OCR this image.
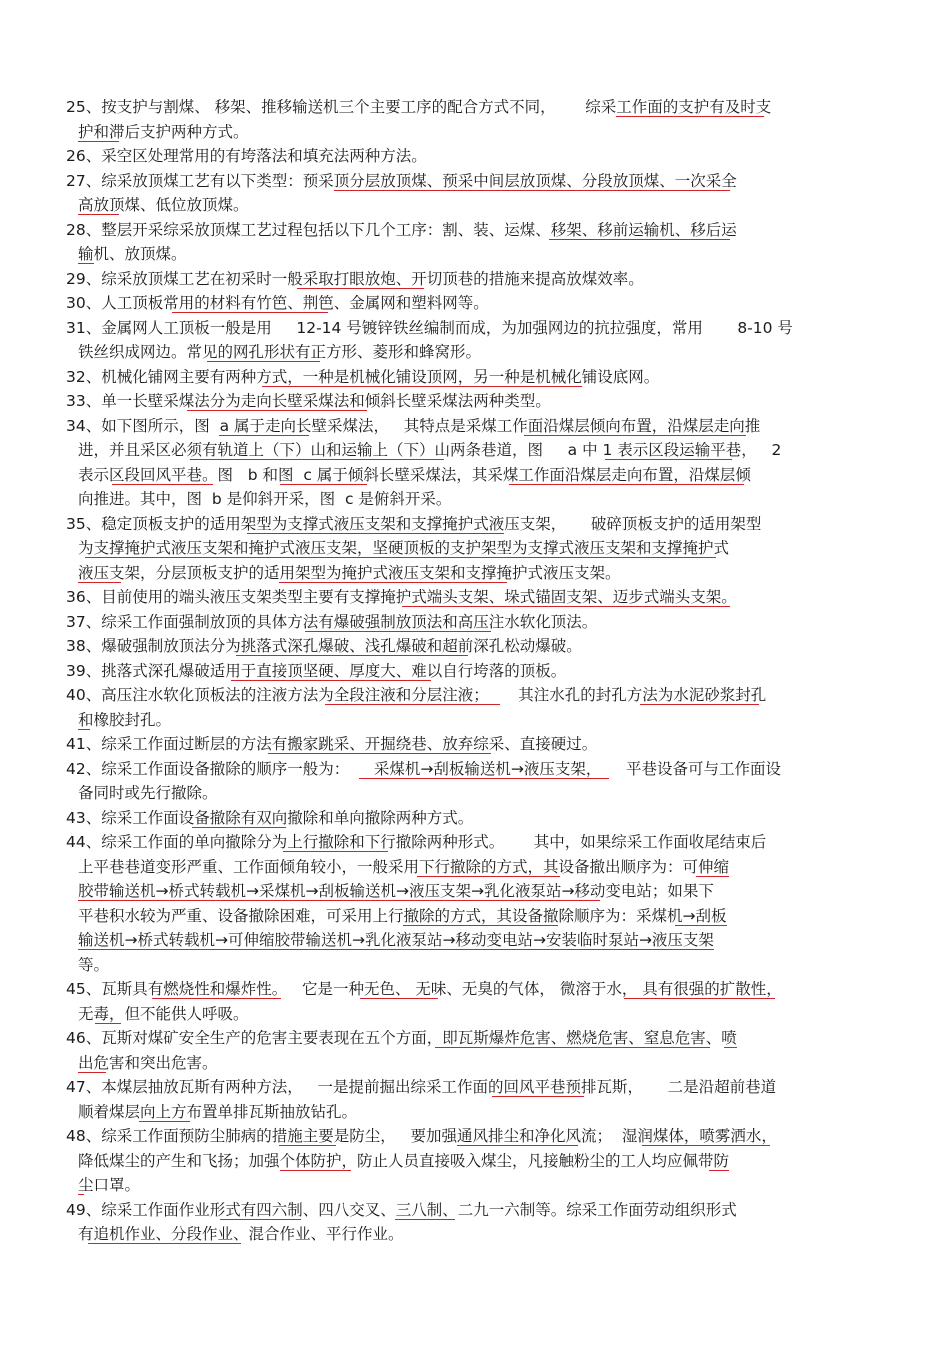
25、按支护与割煤、 移架、推移输送机三个主要工序的配合方式不同，      综采工作面的支护有及时支
护和滞后支护两种方式。
26、采空区处理常用的有垮落法和填充法两种方法。
27、综采放顶煤工艺有以下类型：预采顶分层放顶煤、预采中间层放顶煤、分段放顶煤、一次采全
高放顶煤、低位放顶煤。
28、整层开采综采放顶煤工艺过程包括以下几个工序：割、装、运煤、移架、移前运输机、移后运
输机、放顶煤。
29、综采放顶煤工艺在初采时一般采取打眼放炮、开切顶巷的措施来提高放煤效率。
30、人工顶板常用的材料有竹笆、荆笆、金属网和塑料网等。
31、金属网人工顶板一般是用     12-14 号镀锌铁丝编制而成，为加强网边的抗拉强度，常用       8-10 号
铁丝织成网边。常见的网孔形状有正方形、菱形和蜂窝形。
32、机械化铺网主要有两种方式，一种是机械化铺设顶网，另一种是机械化铺设底网。
33、单一长壁采煤法分为走向长壁采煤法和倾斜长壁采煤法两种类型。
34、如下图所示，图  a 属于走向长壁采煤法，   其特点是采煤工作面沿煤层倾向布置，沿煤层走向推
进，并且采区必须有轨道上（下）山和运输上（下）山两条巷道，图     a 中 1 表示区段运输平巷，   2
表示区段回风平巷。图   b 和图  c 属于倾斜长壁采煤法，其采煤工作面沿煤层走向布置，沿煤层倾
向推进。其中，图  b 是仰斜开采，图  c 是俯斜开采。
35、稳定顶板支护的适用架型为支撑式液压支架和支撑掩护式液压支架，     破碎顶板支护的适用架型
为支撑掩护式液压支架和掩护式液压支架，坚硬顶板的支护架型为支撑式液压支架和支撑掩护式
液压支架，分层顶板支护的适用架型为掩护式液压支架和支撑掩护式液压支架。
36、目前使用的端头液压支架类型主要有支撑掩护式端头支架、垛式锚固支架、迈步式端头支架。
37、综采工作面强制放顶的具体方法有爆破强制放顶法和高压注水软化顶法。
38、爆破强制放顶法分为挑落式深孔爆破、浅孔爆破和超前深孔松动爆破。
39、挑落式深孔爆破适用于直接顶坚硬、厚度大、难以自行垮落的顶板。
40、高压注水软化顶板法的注液方法为全段注液和分层注液；      其注水孔的封孔方法为水泥砂浆封孔
和橡胶封孔。
41、综采工作面过断层的方法有搬家跳采、开掘绕巷、放弃综采、直接硬过。
42、综采工作面设备撤除的顺序一般为：     采煤机→刮板输送机→液压支架，     平巷设备可与工作面设
备同时或先行撤除。
43、综采工作面设备撤除有双向撤除和单向撤除两种方式。
44、综采工作面的单向撤除分为上行撤除和下行撤除两种形式。      其中，如果综采工作面收尾结束后
上平巷巷道变形严重、工作面倾角较小，一般采用下行撤除的方式，其设备撤出顺序为：可伸缩
胶带输送机→桥式转载机→采煤机→刮板输送机→液压支架→乳化液泵站→移动变电站；如果下
平巷积水较为严重、设备撤除困难，可采用上行撤除的方式，其设备撤除顺序为：采煤机→刮板
输送机→桥式转载机→可伸缩胶带输送机→乳化液泵站→移动变电站→安装临时泵站→液压支架
等。
45、瓦斯具有燃烧性和爆炸性。   它是一种无色、 无味、无臭的气体， 微溶于水， 具有很强的扩散性，
无毒，但不能供人呼吸。
46、瓦斯对煤矿安全生产的危害主要表现在五个方面，即瓦斯爆炸危害、燃烧危害、窒息危害、喷
出危害和突出危害。
47、本煤层抽放瓦斯有两种方法，   一是提前掘出综采工作面的回风平巷预排瓦斯，     二是沿超前巷道
顺着煤层向上方布置单排瓦斯抽放钻孔。
48、综采工作面预防尘肺病的措施主要是防尘，   要加强通风排尘和净化风流；  湿润煤体，喷雾洒水，
降低煤尘的产生和飞扬；加强个体防护，防止人员直接吸入煤尘，凡接触粉尘的工人均应佩带防
尘口罩。
49、综采工作面作业形式有四六制、四八交叉、三八制、二九一六制等。综采工作面劳动组织形式
有追机作业、分段作业、混合作业、平行作业。
